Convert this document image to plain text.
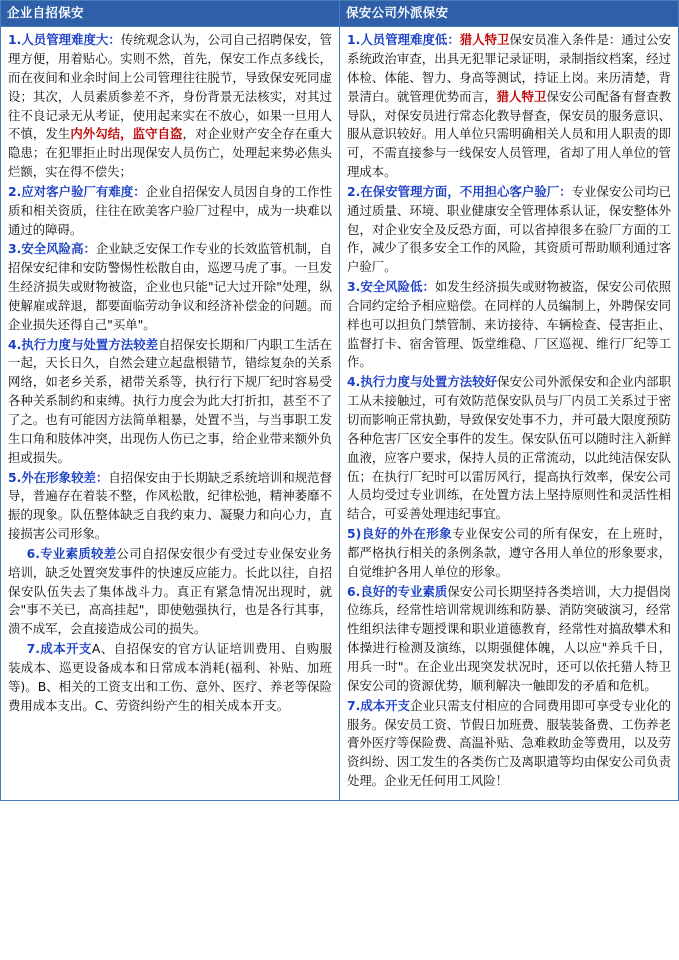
企业自招保安

1.人员管理难度大：传统观念认为，公司自己招聘保安，管理方便，用着贴心。实则不然，首先，保安工作点多线长，而在夜间和业余时间上公司管理往往脱节，导致保安死同虚设；其次，人员素质参差不齐，身份背景无法核实，对其过往不良记录无从考证，使用起来实在不放心，如果一旦用人不慎，发生内外勾结，监守自盗，对企业财产安全存在重大隐患；在犯罪拒止时出现保安人员伤亡，处理起来势必焦头烂额，实在得不偿失；

2.应对客户验厂有难度：企业自招保安人员因自身的工作性质和相关资质，往往在欧美客户验厂过程中，成为一块难以通过的障碍。

3.安全风险高：企业缺乏安保工作专业的长效监管机制，自招保安纪律和安防警惕性松散自由，巡逻马虎了事。一旦发生经济损失或财物被盗，企业也只能"记大过开除"处理，纵使解雇或辞退，都要面临劳动争议和经济补偿金的问题。而企业损失还得自己"买单"。

4.执行力度与处置方法较差自招保安长期和厂内职工生活在一起，天长日久，自然会建立起盘根错节，错综复杂的关系网络，如老乡关系，裙带关系等，执行行下规厂纪时容易受各种关系制约和束缚。执行力度会为此大打折扣，甚至不了了之。也有可能因方法简单粗暴，处置不当，与当事职工发生口角和肢体冲突，出现伤人伤已之事，给企业带来额外负担或损失。

5.外在形象较差：自招保安由于长期缺乏系统培训和规范督导，普遍存在着装不整，作风松散，纪律松弛，精神萎靡不振的现象。队伍整体缺乏自我约束力、凝聚力和向心力，直接损害公司形象。

6.专业素质较差公司自招保安很少有受过专业保安业务培训，缺乏处置突发事件的快速反应能力。长此以往，自招保安队伍失去了集体战斗力。真正有紧急情况出现时，就会"事不关已，高高挂起"，即使勉强执行，也是各行其事，溃不成军，会直接造成公司的损失。

7.成本开支A、自招保安的官方认证培训费用、自购服装成本、巡更设备成本和日常成本消耗(福利、补贴、加班等)。B、相关的工资支出和工伤、意外、医疗、养老等保险费用成本支出。C、劳资纠纷产生的相关成本开支。

保安公司外派保安

1.人员管理难度低：猎人特卫保安员准入条件是：通过公安系统政治审查，出具无犯罪记录证明，录制指纹档案，经过体检、体能、智力、身高等测试，持证上岗。来历清楚，背景清白。就管理优势而言，猎人特卫保安公司配备有督查教导队，对保安员进行常态化教导督查，保安员的服务意识、服从意识较好。用人单位只需明确相关人员和用人职责的即可，不需直接参与一线保安人员管理，省却了用人单位的管理成本。

2.在保安管理方面，不用担心客户验厂：专业保安公司均已通过质量、环境、职业健康安全管理体系认证，保安整体外包，对企业安全及反恐方面，可以省掉很多在验厂方面的工作，减少了很多安全工作的风险，其资质可帮助顺利通过客户验厂。

3.安全风险低：如发生经济损失或财物被盗，保安公司依照合同约定给予相应赔偿。在同样的人员编制上，外聘保安同样也可以担负门禁管制、来访接待、车辆检查、侵害拒止、监督打卡、宿舍管理、饭堂维稳、厂区巡视、维行厂纪等工作。

4.执行力度与处置方法较好保安公司外派保安和企业内部职工从未接触过，可有效防范保安队员与厂内员工关系过于密切而影响正常执勤，导致保安处事不力，并可最大限度预防各种危害厂区安全事件的发生。保安队伍可以随时注入新鲜血液，应客户要求，保持人员的正常流动，以此纯洁保安队伍；在执行厂纪时可以雷厉风行，提高执行效率，保安公司人员均受过专业训练，在处置方法上坚持原则性和灵活性相结合，可妥善处理违纪事宜。

5)良好的外在形象专业保安公司的所有保安，在上班时，都严格执行相关的条例条款，遵守各用人单位的形象要求，自觉维护各用人单位的形象。

6.良好的专业素质保安公司长期坚持各类培训，大力提倡岗位练兵，经常性培训常规训练和防暴、消防突破演习，经常性组织法律专题授课和职业道德教育，经常性对搞敌攀术和体操进行检测及演练，以期强健体魄，人以应"养兵千日，用兵一时"。在企业出现突发状况时，还可以依托猎人特卫保安公司的资源优势，顺利解决一触即发的矛盾和危机。

7.成本开支企业只需支付相应的合同费用即可享受专业化的服务。保安员工资、节假日加班费、服装装备费、工伤养老膏外医疗等保险费、高温补贴、急难救助金等费用，以及劳资纠纷、因工发生的各类伤亡及离职遣等均由保安公司负责处理。企业无任何用工风险！
